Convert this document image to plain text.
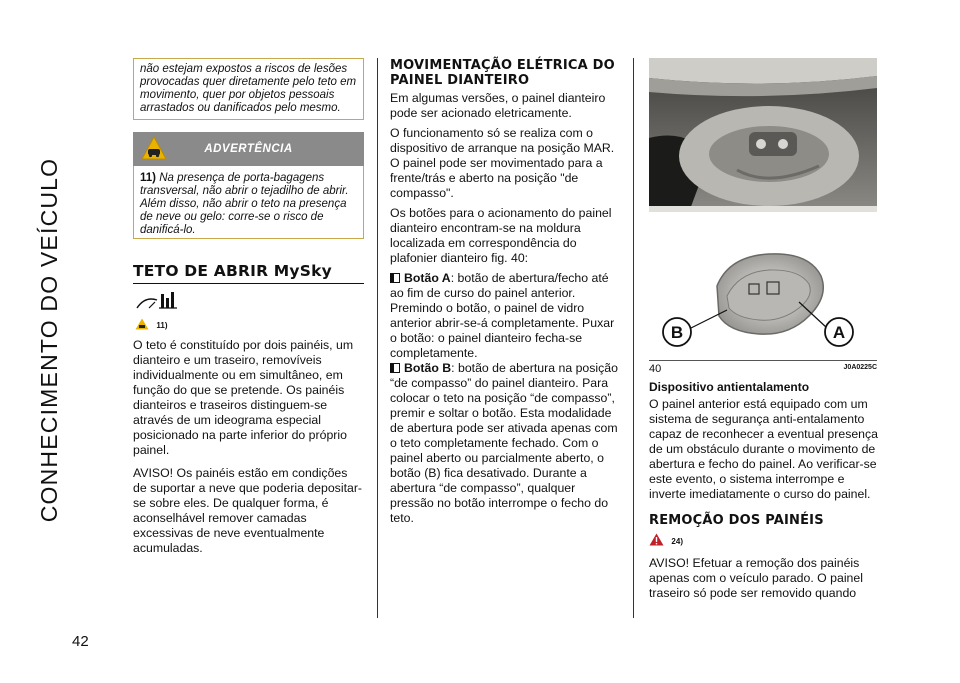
CONHECIMENTO DO VEÍCULO
42
não estejam expostos a riscos de lesões provocadas quer diretamente pelo teto em movimento, quer por objetos pessoais arrastados ou danificados pelo mesmo.
ADVERTÊNCIA
11) Na presença de porta-bagagens transversal, não abrir o tejadilho de abrir. Além disso, não abrir o teto na presença de neve ou gelo: corre-se o risco de danificá-lo.
TETO DE ABRIR MySky
11)

O teto é constituído por dois painéis, um dianteiro e um traseiro, removíveis individualmente ou em simultâneo, em função do que se pretende. Os painéis dianteiros e traseiros distinguem-se através de um ideograma especial posicionado na parte inferior do próprio painel.

AVISO! Os painéis estão em condições de suportar a neve que poderia depositar-se sobre eles. De qualquer forma, é aconselhável remover camadas excessivas de neve eventualmente acumuladas.

MOVIMENTAÇÃO ELÉTRICA DO PAINEL DIANTEIRO

Em algumas versões, o painel dianteiro pode ser acionado eletricamente.

O funcionamento só se realiza com o dispositivo de arranque na posição MAR. O painel pode ser movimentado para a frente/trás e aberto na posição "de compasso".

Os botões para o acionamento do painel dianteiro encontram-se na moldura localizada em correspondência do plafonier dianteiro fig. 40:

Botão A: botão de abertura/fecho até ao fim de curso do painel anterior. Premindo o botão, o painel de vidro anterior abrir-se-á completamente. Puxar o botão: o painel dianteiro fecha-se completamente.

Botão B: botão de abertura na posição “de compasso” do painel dianteiro. Para colocar o teto na posição “de compasso”, premir e soltar o botão. Esta modalidade de abertura pode ser ativada apenas com o teto completamente fechado. Com o painel aberto ou parcialmente aberto, o botão (B) fica desativado. Durante a abertura “de compasso”, qualquer pressão no botão interrompe o fecho do teto.

B	A
40	J0A0225C
Dispositivo antientalamento

O painel anterior está equipado com um sistema de segurança anti-entalamento capaz de reconhecer a eventual presença de um obstáculo durante o movimento de abertura e fecho do painel. Ao verificar-se este evento, o sistema interrompe e inverte imediatamente o curso do painel.

REMOÇÃO DOS PAINÉIS
24)

AVISO! Efetuar a remoção dos painéis apenas com o veículo parado. O painel traseiro só pode ser removido quando
